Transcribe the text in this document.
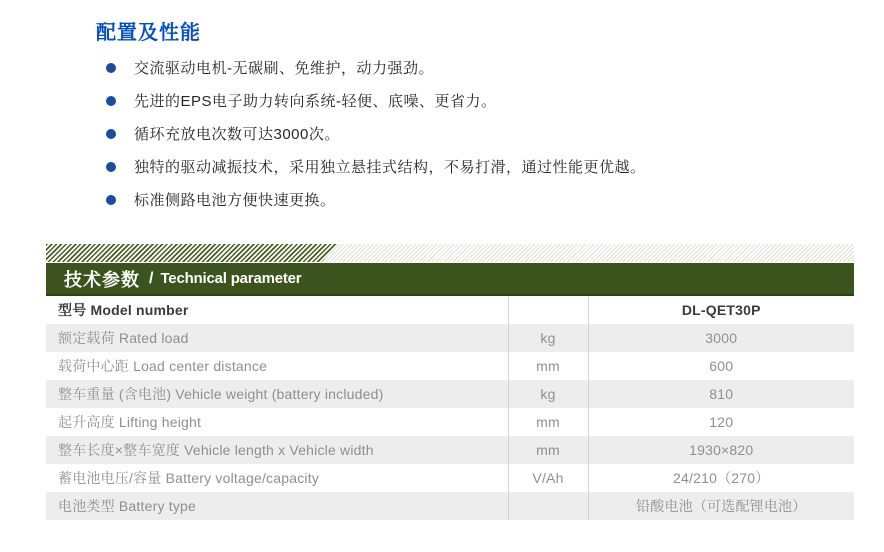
配置及性能
交流驱动电机-无碳刷、免维护，动力强劲。
先进的EPS电子助力转向系统-轻便、底噪、更省力。
循环充放电次数可达3000次。
独特的驱动减振技术，采用独立悬挂式结构，不易打滑，通过性能更优越。
标准侧路电池方便快速更换。
技术参数 / Technical parameter
型号 Model number		DL-QET30P
额定载荷 Rated load	kg	3000
载荷中心距 Load center distance	mm	600
整车重量 (含电池) Vehicle weight (battery included)	kg	810
起升高度 Lifting height	mm	120
整车长度×整车宽度 Vehicle length x Vehicle width	mm	1930×820
蓄电池电压/容量 Battery voltage/capacity	V/Ah	24/210（270）
电池类型 Battery type		铅酸电池（可选配锂电池）
